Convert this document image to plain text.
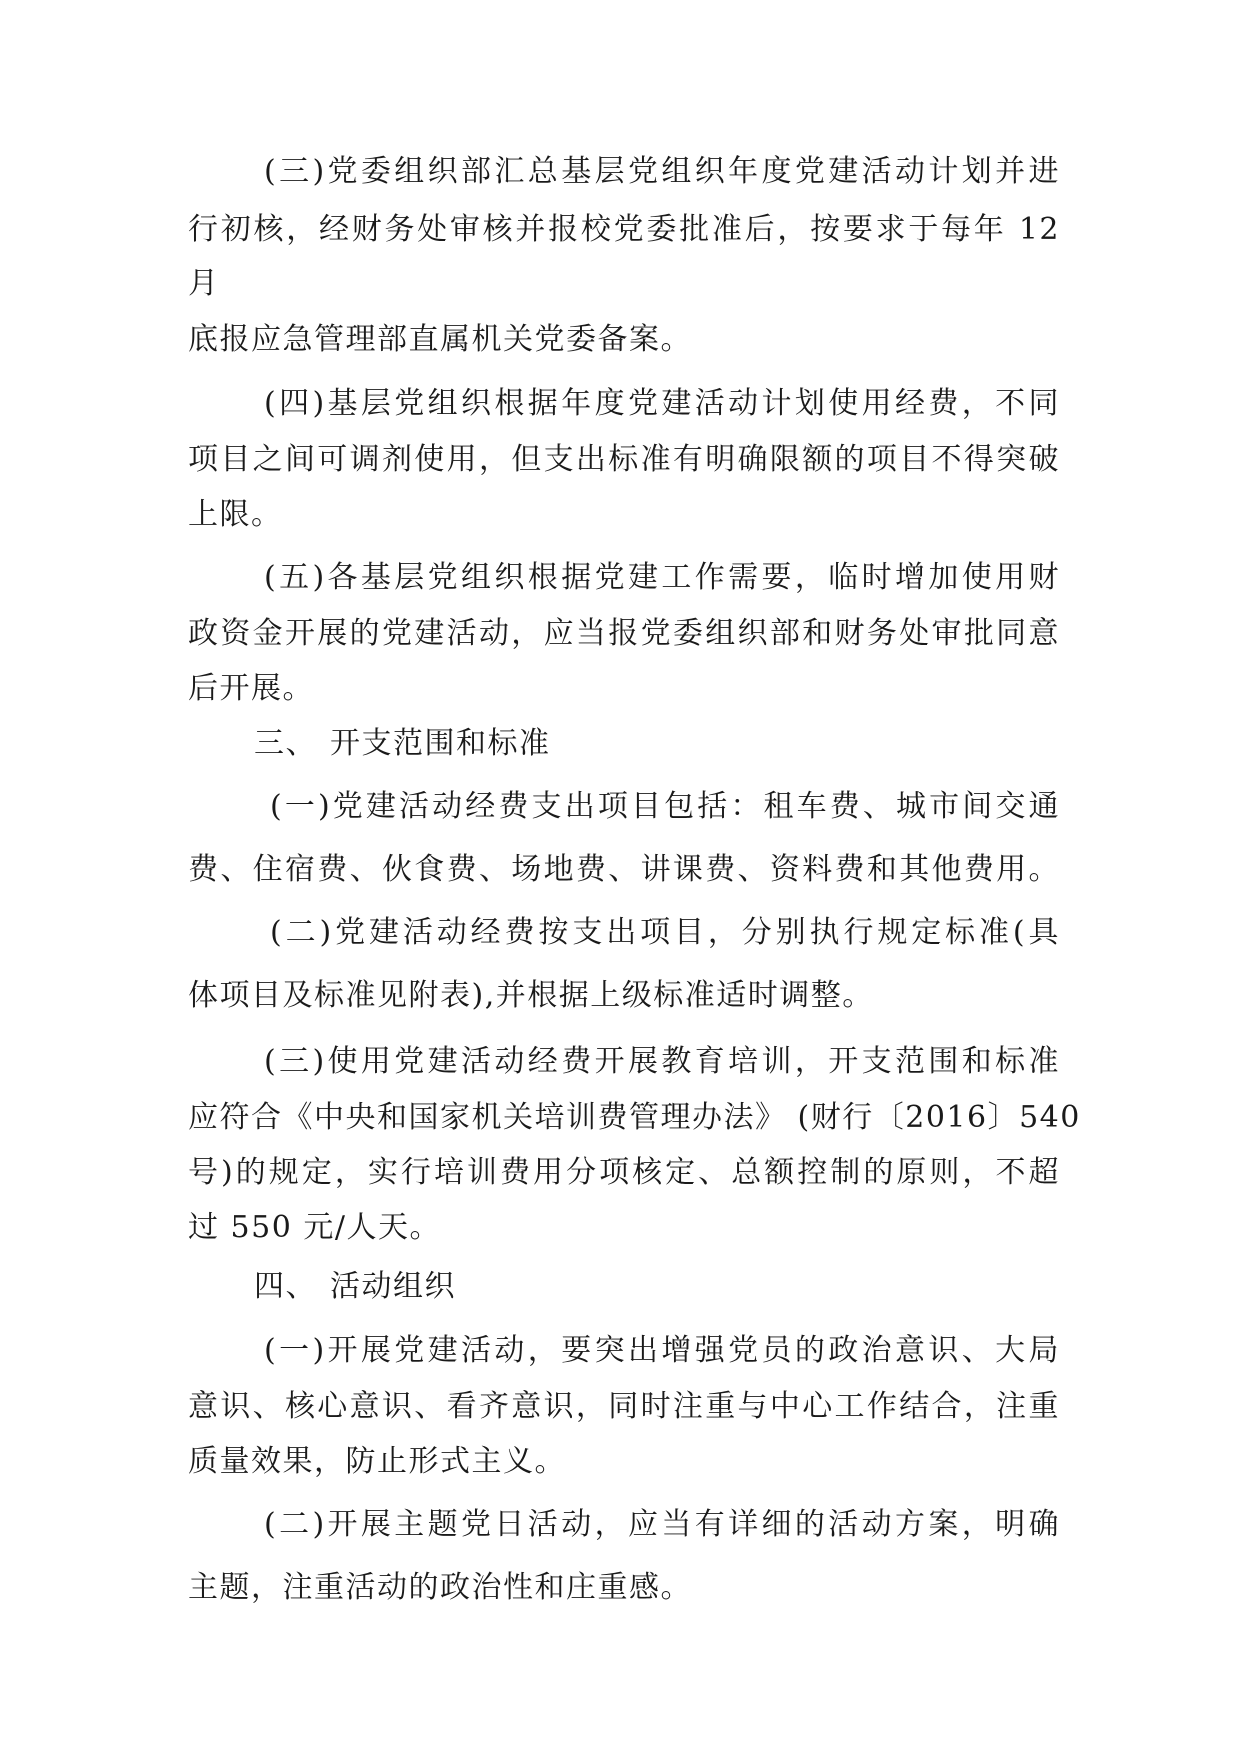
(三)党委组织部汇总基层党组织年度党建活动计划并进
行初核，经财务处审核并报校党委批准后，按要求于每年 12
月
底报应急管理部直属机关党委备案。
(四)基层党组织根据年度党建活动计划使用经费，不同
项目之间可调剂使用，但支出标准有明确限额的项目不得突破
上限。
(五)各基层党组织根据党建工作需要，临时增加使用财
政资金开展的党建活动，应当报党委组织部和财务处审批同意
后开展。
三、 开支范围和标准
(一)党建活动经费支出项目包括：租车费、城市间交通
费、住宿费、伙食费、场地费、讲课费、资料费和其他费用。
(二)党建活动经费按支出项目，分别执行规定标准(具
体项目及标准见附表),并根据上级标准适时调整。
(三)使用党建活动经费开展教育培训，开支范围和标准
应符合《中央和国家机关培训费管理办法》 (财行〔2016〕540
号)的规定，实行培训费用分项核定、总额控制的原则，不超
过 550 元/人天。
四、 活动组织
(一)开展党建活动，要突出增强党员的政治意识、大局
意识、核心意识、看齐意识，同时注重与中心工作结合，注重
质量效果，防止形式主义。
(二)开展主题党日活动，应当有详细的活动方案，明确
主题，注重活动的政治性和庄重感。
